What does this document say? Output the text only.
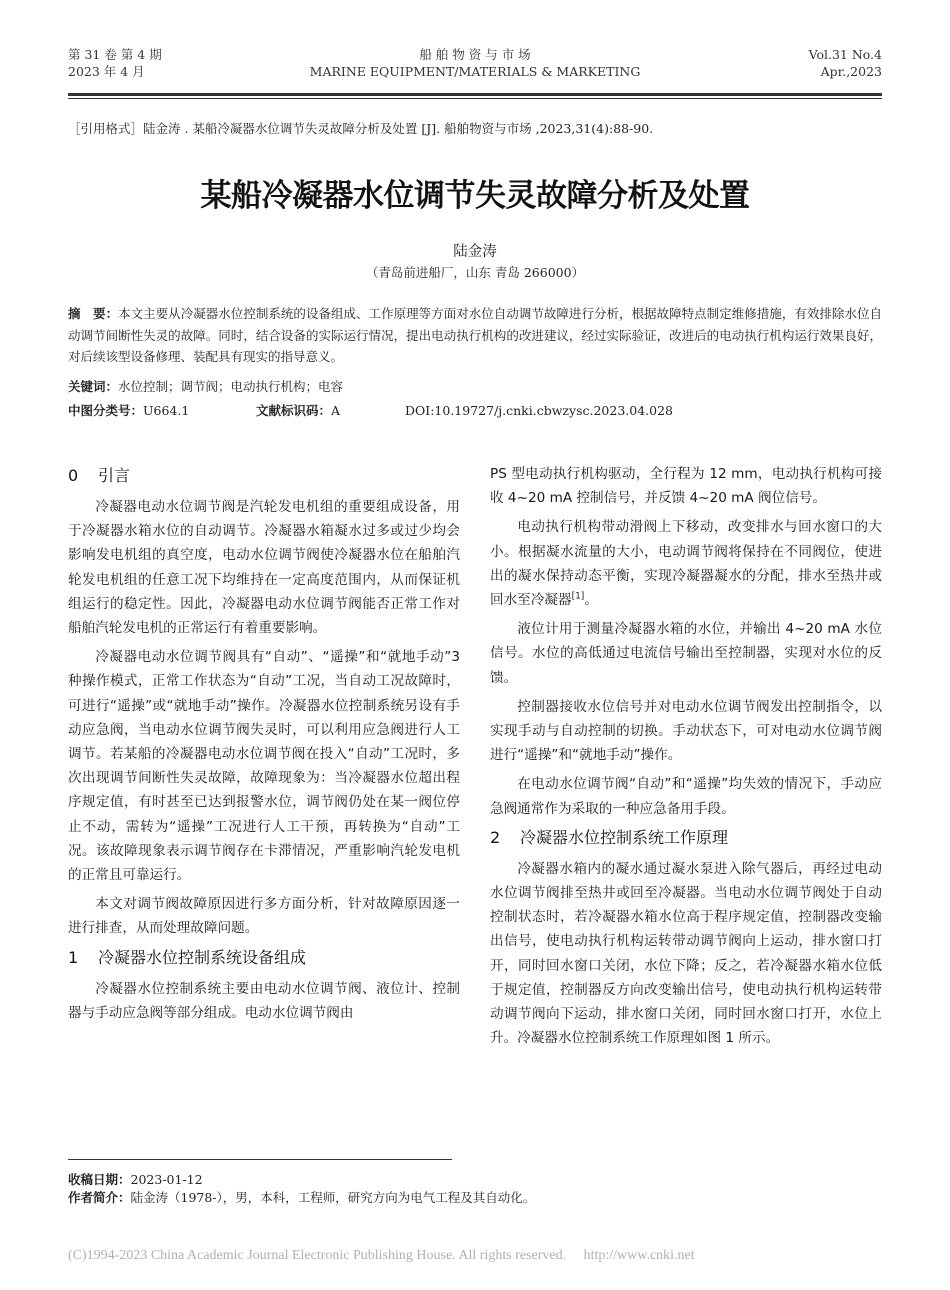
第 31 卷 第 4 期
2023 年 4 月
船 舶 物 资 与 市 场
MARINE EQUIPMENT/MATERIALS & MARKETING
Vol.31 No.4
Apr.,2023
［引用格式］陆金涛 . 某船冷凝器水位调节失灵故障分析及处置 [J]. 船舶物资与市场 ,2023,31(4):88-90.
某船冷凝器水位调节失灵故障分析及处置
陆金涛
（青岛前进船厂，山东 青岛 266000）
摘　要：本文主要从冷凝器水位控制系统的设备组成、工作原理等方面对水位自动调节故障进行分析，根据故障特点制定维修措施，有效排除水位自动调节间断性失灵的故障。同时，结合设备的实际运行情况，提出电动执行机构的改进建议，经过实际验证，改进后的电动执行机构运行效果良好，对后续该型设备修理、装配具有现实的指导意义。
关键词：水位控制；调节阀；电动执行机构；电容
中图分类号：U664.1	文献标识码：A	DOI:10.19727/j.cnki.cbwzysc.2023.04.028
0 引言

冷凝器电动水位调节阀是汽轮发电机组的重要组成设备，用于冷凝器水箱水位的自动调节。冷凝器水箱凝水过多或过少均会影响发电机组的真空度，电动水位调节阀使冷凝器水位在船舶汽轮发电机组的任意工况下均维持在一定高度范围内，从而保证机组运行的稳定性。因此，冷凝器电动水位调节阀能否正常工作对船舶汽轮发电机的正常运行有着重要影响。

冷凝器电动水位调节阀具有“自动”、“遥操”和“就地手动”3 种操作模式，正常工作状态为“自动”工况，当自动工况故障时，可进行“遥操”或“就地手动”操作。冷凝器水位控制系统另设有手动应急阀，当电动水位调节阀失灵时，可以利用应急阀进行人工调节。若某船的冷凝器电动水位调节阀在投入“自动”工况时，多次出现调节间断性失灵故障，故障现象为：当冷凝器水位超出程序规定值，有时甚至已达到报警水位，调节阀仍处在某一阀位停止不动，需转为“遥操”工况进行人工干预，再转换为“自动”工况。该故障现象表示调节阀存在卡滞情况，严重影响汽轮发电机的正常且可靠运行。

本文对调节阀故障原因进行多方面分析，针对故障原因逐一进行排查，从而处理故障问题。

1 冷凝器水位控制系统设备组成

冷凝器水位控制系统主要由电动水位调节阀、液位计、控制器与手动应急阀等部分组成。电动水位调节阀由

PS 型电动执行机构驱动，全行程为 12 mm，电动执行机构可接收 4~20 mA 控制信号，并反馈 4~20 mA 阀位信号。

电动执行机构带动滑阀上下移动，改变排水与回水窗口的大小。根据凝水流量的大小，电动调节阀将保持在不同阀位，使进出的凝水保持动态平衡，实现冷凝器凝水的分配，排水至热井或回水至冷凝器[1]。

液位计用于测量冷凝器水箱的水位，并输出 4~20 mA 水位信号。水位的高低通过电流信号输出至控制器，实现对水位的反馈。

控制器接收水位信号并对电动水位调节阀发出控制指令，以实现手动与自动控制的切换。手动状态下，可对电动水位调节阀进行“遥操”和“就地手动”操作。

在电动水位调节阀“自动”和“遥操”均失效的情况下，手动应急阀通常作为采取的一种应急备用手段。

2 冷凝器水位控制系统工作原理

冷凝器水箱内的凝水通过凝水泵进入除气器后，再经过电动水位调节阀排至热井或回至冷凝器。当电动水位调节阀处于自动控制状态时，若冷凝器水箱水位高于程序规定值，控制器改变输出信号，使电动执行机构运转带动调节阀向上运动，排水窗口打开，同时回水窗口关闭，水位下降；反之，若冷凝器水箱水位低于规定值，控制器反方向改变输出信号，使电动执行机构运转带动调节阀向下运动，排水窗口关闭，同时回水窗口打开，水位上升。冷凝器水位控制系统工作原理如图 1 所示。

收稿日期：2023-01-12
作者简介：陆金涛（1978-），男，本科，工程师，研究方向为电气工程及其自动化。
(C)1994-2023 China Academic Journal Electronic Publishing House. All rights reserved.　 http://www.cnki.net
